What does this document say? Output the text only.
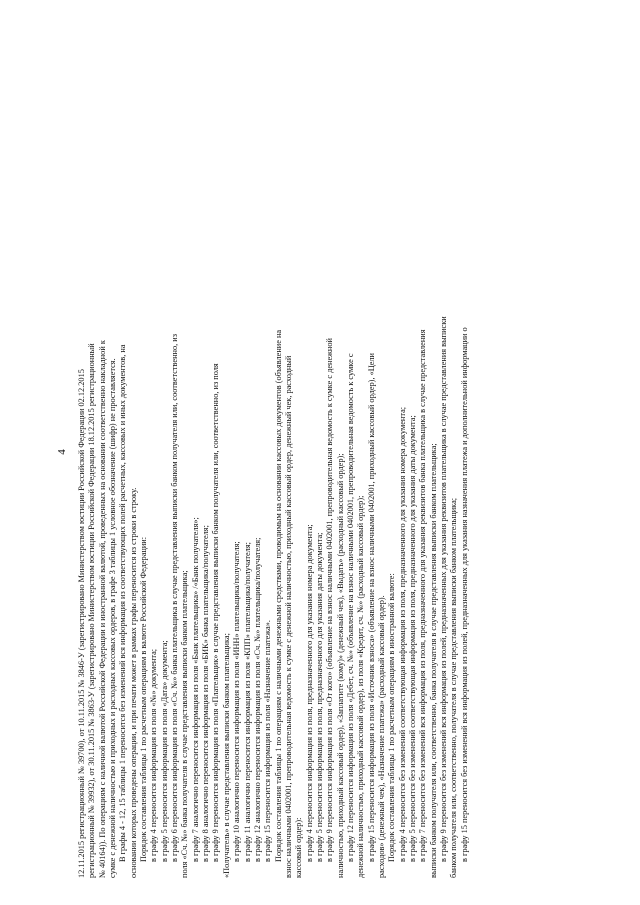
4 12.11.2015 регистрационный № 39700), от 10.11.2015 № 3846-У (зарегистрировано Министерством юстиции Российской Федерации 02.12.2015 регистрационный № 39932), от 30.11.2015 № 3863-У (зарегистрировано Министерством юстиции Российской Федерации 18.12.2015 регистрационный № 40164)). По операциям с наличной валютой Российской Федерации и иностранной валютой, проведенных на основании соответственно накладной к сумке с денежной наличностью и приходных и расходных кассовых ордеров, в графе 3 таблицы 1 условное обозначение (шифр) не проставляется. В графы 4 - 12, 15 таблицы 1 переносится без изменений вся информация из соответствующих полей расчетных, кассовых и иных документов, на основании которых проведены операции, и при печати может в рамках графы переносится из строки в строку. Порядок составления таблицы 1 по расчетным операциям в валюте Российской Федерации: в графу 4 переносится информация из поля «№» документа; в графу 5 переносится информация из поля «Дата» документа; в графу 6 переносится информация из поля «Сч. №» банка плательщика в случае представления выписки банком получателя или, соответственно, из поля «Сч. №» банка получателя в случае представления выписки банком плательщика; в графу 7 аналогично переносится информация из поля «Банк плательщика» /«Банк получателя»; в графу 8 аналогично переносится информация из поля «БИК» банка плательщика/получателя; в графу 9 переносится информация из поля «Плательщик» в случае представления выписки банком получателя или, соответственно, из поля «Получатель» в случае представления выписки банком плательщика; в графу 10 аналогично переносится информация из поля «ИНН» плательщика/получателя; в графу 11 аналогично переносится информация из поля «КПП» плательщика/получателя; в графу 12 аналогично переносится информация из поля «Сч. №» плательщика/получателя; в графу 15 переносится информация из поля «Назначение платежа». Порядок составления таблицы 1 по операциям с наличными денежными средствами, проводимым на основании кассовых документов (объявление на взнос наличными 0402001, препроводительная ведомость к сумке с денежной наличностью, приходный кассовый ордер, денежный чек, расходный кассовый ордер): в графу 4 переносится информация из поля, предназначенного для указания номера документа; в графу 5 переносится информация из поля, предназначенного для указания даты документа; в графу 9 переносится информация из поля «От кого» (объявление на взнос наличными 0402001, препроводительная ведомость к сумке с денежной наличностью, приходный кассовый ордер), «Заплатите (кому)» (денежный чек), «Выдать» (расходный кассовый ордер); в графу 12 переносится информация из поля «Дебет, сч. №» (объявление на взнос наличными 0402001, препроводительная ведомость к сумке с денежной наличностью, приходный кассовый ордер), из поля «Кредит, сч. №» (расходный кассовый ордер); в графу 15 переносится информация из поля «Источник взноса» (объявление на взнос наличными 0402001, приходный кассовый ордер), «Цели расходов» (денежный чек), «Назначение платежа» (расходный кассовый ордер). Порядок составления таблицы 1 по расчетным операциям в иностранной валюте: в графу 4 переносится без изменений соответствующая информация из поля, предназначенного для указания номера документа; в графу 5 переносится без изменений соответствующая информация из поля, предназначенного для указания даты документа; в графу 7 переносится без изменений вся информация из поля, предназначенного для указания реквизитов банка плательщика в случае представления выписки банком получателя или, соответственно, банка получателя в случае представления выписки банком плательщика; в графу 9 переносится без изменений вся информация из полей, предназначенных для указания реквизитов плательщика в случае представления выписки банком получателя или, соответственно, получателя в случае представления выписки банком плательщика; в графу 15 переносится без изменений вся информация из полей, предназначенных для указания назначения платежа и дополнительной информации о
